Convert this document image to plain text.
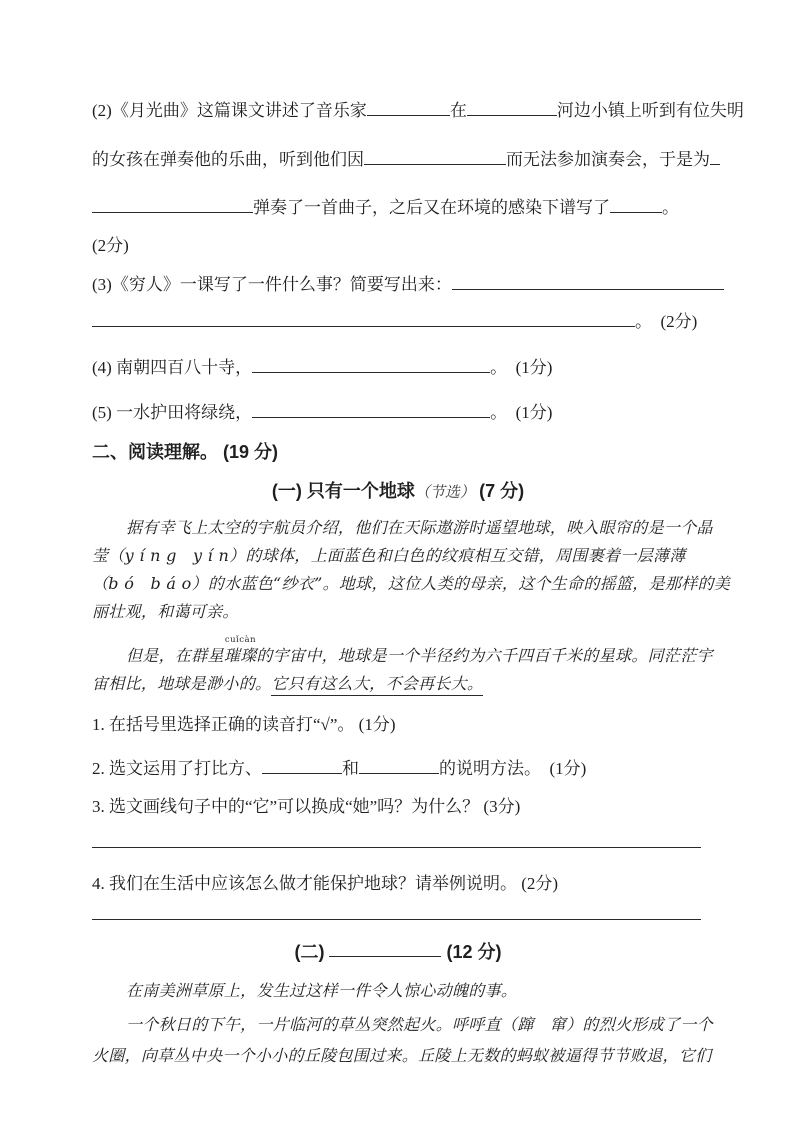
(2)《月光曲》这篇课文讲述了音乐家	在	河边小镇上听到有位失明
的女孩在弹奏他的乐曲，听到他们因	而无法参加演奏会，于是为
弹奏了一首曲子，之后又在环境的感染下谱写了	。
(2分)
(3)《穷人》一课写了一件什么事？简要写出来：
。 (2分)
(4) 南朝四百八十寺，	。 (1分)
(5) 一水护田将绿绕，	。 (1分)
二、阅读理解。 (19 分)
(一) 只有一个地球（节选） (7 分)
据有幸飞上太空的宇航员介绍，他们在天际遨游时遥望地球，映入眼帘的是一个晶
莹（y í n g　y í n）的球体，上面蓝色和白色的纹痕相互交错，周围裹着一层薄薄
（b ó　b á o）的水蓝色“纱衣”。地球，这位人类的母亲，这个生命的摇篮，是那样的美
丽壮观，和蔼可亲。
但是，在群星
cuǐcàn
璀璨的宇宙中，地球是一个半径约为六千四百千米的星球。同茫茫宇
宙相比，地球是渺小的。它只有这么大，不会再长大。
1. 在括号里选择正确的读音打“√”。 (1分)
2. 选文运用了打比方、	和	的说明方法。 (1分)
3. 选文画线句子中的“它”可以换成“她”吗？为什么？ (3分)
4. 我们在生活中应该怎么做才能保护地球？请举例说明。 (2分)
(二)	(12 分)
在南美洲草原上，发生过这样一件令人惊心动魄的事。
一个秋日的下午，一片临河的草丛突然起火。呼呼直（蹿　窜）的烈火形成了一个
火圈，向草丛中央一个小小的丘陵包围过来。丘陵上无数的蚂蚁被逼得节节败退，它们
